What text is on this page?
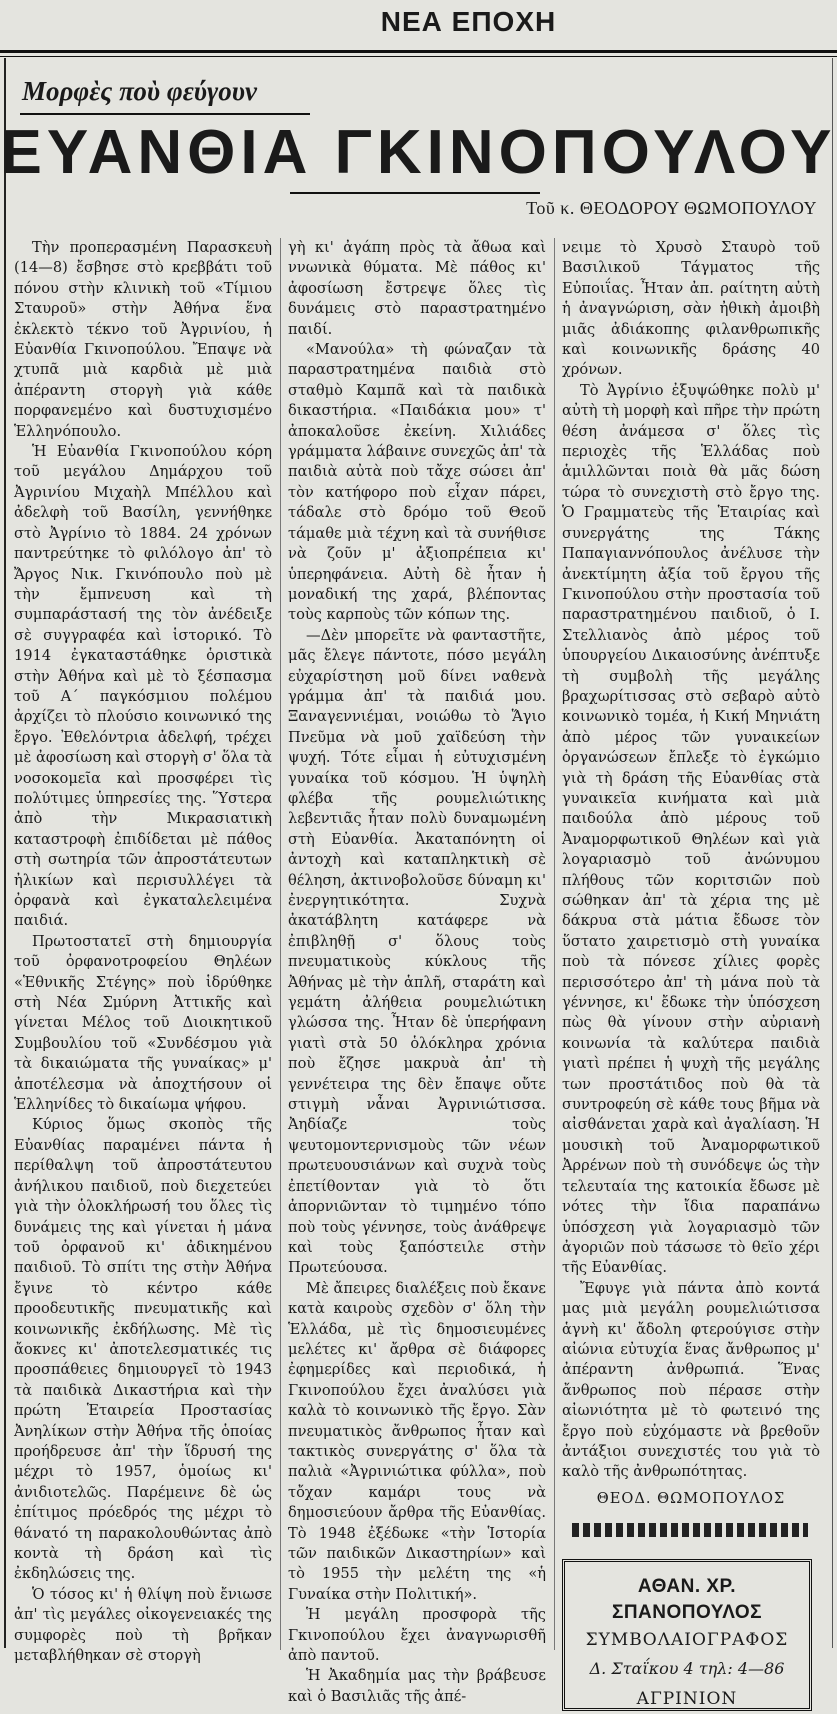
ΝΕΑ ΕΠΟΧΗ
Μορφὲς ποὺ φεύγουν
ΕΥΑΝΘΙΑ ΓΚΙΝΟΠΟΥΛΟΥ
Τοῦ κ. ΘΕΟΔΟΡΟΥ ΘΩΜΟΠΟΥΛΟΥ

Τὴν προπερασμένη Παρασκευὴ (14—8) ἔσβησε στὸ κρεββάτι τοῦ πόνου στὴν κλινικὴ τοῦ «Τίμιου Σταυροῦ» στὴν Ἀθήνα ἕνα ἐκλεκτὸ τέκνο τοῦ Ἀγρινίου, ἡ Εὐανθία Γκινοπούλου. Ἔπαψε νὰ χτυπᾶ μιὰ καρδιὰ μὲ μιὰ ἀπέραντη στοργὴ γιὰ κάθε πορφανεμένο καὶ δυστυχισμένο Ἑλληνόπουλο.

Ἡ Εὐανθία Γκινοπούλου κόρη τοῦ μεγάλου Δημάρχου τοῦ Ἀγρινίου Μιχαὴλ Μπέλλου καὶ ἀδελφὴ τοῦ Βασίλη, γεννήθηκε στὸ Ἀγρίνιο τὸ 1884. 24 χρόνων παντρεύτηκε τὸ φιλόλογο ἀπ' τὸ Ἄργος Νικ. Γκινόπουλο ποὺ μὲ τὴν ἔμπνευση καὶ τὴ συμπαράστασή της τὸν ἀνέδειξε σὲ συγγραφέα καὶ ἱστορικό. Τὸ 1914 ἐγκαταστάθηκε ὁριστικὰ στὴν Ἀθήνα καὶ μὲ τὸ ξέσπασμα τοῦ Α΄ παγκόσμιου πολέμου ἀρχίζει τὸ πλούσιο κοινωνικό της ἔργο. Ἐθελόντρια ἀδελφή, τρέχει μὲ ἀφοσίωση καὶ στοργὴ σ' ὅλα τὰ νοσοκομεῖα καὶ προσφέρει τὶς πολύτιμες ὑπηρεσίες της. Ὕστερα ἀπὸ τὴν Μικρασιατικὴ καταστροφὴ ἐπιδίδεται μὲ πάθος στὴ σωτηρία τῶν ἀπροστάτευτων ἠλικίων καὶ περισυλλέγει τὰ ὀρφανὰ καὶ ἐγκαταλελειμένα παιδιά.

Πρωτοστατεῖ στὴ δημιουργία τοῦ ὀρφανοτροφείου Θηλέων «Ἑθνικῆς Στέγης» ποὺ ἱδρύθηκε στὴ Νέα Σμύρνη Ἀττικῆς καὶ γίνεται Μέλος τοῦ Διοικητικοῦ Συμβουλίου τοῦ «Συνδέσμου γιὰ τὰ δικαιώματα τῆς γυναίκας» μ' ἀποτέλεσμα νὰ ἀποχτήσουν οἱ Ἑλληνίδες τὸ δικαίωμα ψήφου.

Κύριος ὅμως σκοπὸς τῆς Εὐανθίας παραμένει πάντα ἡ περίθαλψη τοῦ ἀπροστάτευτου ἀνήλικου παιδιοῦ, ποὺ διεχετεύει γιὰ τὴν ὁλοκλήρωσή του ὅλες τὶς δυνάμεις της καὶ γίνεται ἡ μάνα τοῦ ὀρφανοῦ κι' ἀδικημένου παιδιοῦ. Τὸ σπίτι της στὴν Ἀθήνα ἔγινε τὸ κέντρο κάθε προοδευτικῆς πνευματικῆς καὶ κοινωνικῆς ἐκδήλωσης. Μὲ τὶς ἄοκνες κι' ἀποτελεσματικές τις προσπάθειες δημιουργεῖ τὸ 1943 τὰ παιδικὰ Δικαστήρια καὶ τὴν πρώτη Ἑταιρεία Προστασίας Ἀνηλίκων στὴν Ἀθήνα τῆς ὁποίας προήδρευσε ἀπ' τὴν ἵδρυσή της μέχρι τὸ 1957, ὁμοίως κι' ἀνιδιοτελῶς. Παρέμεινε δὲ ὡς ἐπίτιμος πρόεδρός της μέχρι τὸ θάνατό τη παρακολουθώντας ἀπὸ κοντὰ τὴ δράση καὶ τὶς ἐκδηλώσεις της.

Ὁ τόσος κι' ἡ θλίψη ποὺ ἔνιωσε ἀπ' τὶς μεγάλες οἰκογενειακές της συμφορὲς ποὺ τὴ βρῆκαν μεταβλήθηκαν σὲ στοργὴ

γὴ κι' ἀγάπη πρὸς τὰ ἄθωα καὶ ννωνικὰ θύματα. Μὲ πάθος κι' ἀφοσίωση ἔστρεψε ὅλες τὶς δυνάμεις στὸ παραστρατημένο παιδί.

«Μανούλα» τὴ φώναζαν τὰ παραστρατημένα παιδιὰ στὸ σταθμὸ Καμπᾶ καὶ τὰ παιδικὰ δικαστήρια. «Παιδάκια μου» τ' ἀποκαλοῦσε ἐκείνη. Χιλιάδες γράμματα λάβαινε συνεχῶς ἀπ' τὰ παιδιὰ αὐτὰ ποὺ τἄχε σώσει ἀπ' τὸν κατήφορο ποὺ εἶχαν πάρει, τάδαλε στὸ δρόμο τοῦ Θεοῦ τάμαθε μιὰ τέχνη καὶ τὰ συνήθισε νὰ ζοῦν μ' ἀξιοπρέπεια κι' ὑπερηφάνεια. Αὐτὴ δὲ ἦταν ἡ μοναδική της χαρά, βλέποντας τοὺς καρποὺς τῶν κόπων της.

—Δὲν μπορεῖτε νὰ φανταστῆτε, μᾶς ἔλεγε πάντοτε, πόσο μεγάλη εὐχαρίστηση μοῦ δίνει ναθενὰ γράμμα ἀπ' τὰ παιδιά μου. Ξαναγεννιέμαι, νοιώθω τὸ Ἅγιο Πνεῦμα νὰ μοῦ χαϊδεύση τὴν ψυχή. Τότε εἶμαι ἡ εὐτυχισμένη γυναίκα τοῦ κόσμου. Ἡ ὑψηλὴ φλέβα τῆς ρουμελιώτικης λεβεντιᾶς ἦταν πολὺ δυναμωμένη στὴ Εὐανθία. Ἀκαταπόνητη οἱ ἀντοχὴ καὶ καταπληκτικὴ σὲ θέληση, ἀκτινοβολοῦσε δύναμη κι' ἐνεργητικότητα. Συχνὰ ἀκατάβλητη κατάφερε νὰ ἐπιβληθῇ σ' ὅλους τοὺς πνευματικοὺς κύκλους τῆς Ἀθήνας μὲ τὴν ἁπλῆ, σταράτη καὶ γεμάτη ἀλήθεια ρουμελιώτικη γλώσσα της. Ἦταν δὲ ὑπερήφανη γιατὶ στὰ 50 ὁλόκληρα χρόνια ποὺ ἔζησε μακρυὰ ἀπ' τὴ γεννέτειρα της δὲν ἔπαψε οὔτε στιγμὴ νἆναι Ἀγρινιώτισσα. Ἀηδίαζε τοὺς ψευτομοντερνισμοὺς τῶν νέων πρωτευουσιάνων καὶ συχνὰ τοὺς ἐπετίθονταν γιὰ τὸ ὅτι ἀπορνιῶνταν τὸ τιμημένο τόπο ποὺ τοὺς γέννησε, τοὺς ἀνάθρεψε καὶ τοὺς ξαπόστειλε στὴν Πρωτεύουσα.

Μὲ ἄπειρες διαλέξεις ποὺ ἔκανε κατὰ καιροὺς σχεδὸν σ' ὅλη τὴν Ἑλλάδα, μὲ τὶς δημοσιευμένες μελέτες κι' ἄρθρα σὲ διάφορες ἐφημερίδες καὶ περιοδικά, ἡ Γκινοπούλου ἔχει ἀναλύσει γιὰ καλὰ τὸ κοινωνικὸ τῆς ἔργο. Σὰν πνευματικὸς ἄνθρωπος ἦταν καὶ τακτικὸς συνεργάτης σ' ὅλα τὰ παλιὰ «Ἀγρινιώτικα φύλλα», ποὺ τὄχαν καμάρι τους νὰ δημοσιεύουν ἄρθρα τῆς Εὐανθίας. Τὸ 1948 ἐξέδωκε «τὴν Ἱστορία τῶν παιδικῶν Δικαστηρίων» καὶ τὸ 1955 τὴν μελέτη της «ἡ Γυναίκα στὴν Πολιτική».

Ἡ μεγάλη προσφορὰ τῆς Γκινοπούλου ἔχει ἀναγνωρισθῆ ἀπὸ παντοῦ.

Ἡ Ἀκαδημία μας τὴν βράβευσε καὶ ὁ Βασιλιᾶς τῆς ἀπέ-

νειμε τὸ Χρυσὸ Σταυρὸ τοῦ Βασιλικοῦ Τάγματος τῆς Εὐποιΐας. Ἦταν ἀπ. ραίτητη αὐτὴ ἡ ἀναγνώριση, σὰν ἠθικὴ ἀμοιβὴ μιᾶς ἀδιάκοπης φιλανθρωπικῆς καὶ κοινωνικῆς δράσης 40 χρόνων.

Τὸ Ἀγρίνιο ἐξυψώθηκε πολὺ μ' αὐτὴ τὴ μορφὴ καὶ πῆρε τὴν πρώτη θέση ἀνάμεσα σ' ὅλες τὶς περιοχὲς τῆς Ἑλλάδας ποὺ ἁμιλλῶνται ποιὰ θὰ μᾶς δώση τώρα τὸ συνεχιστὴ στὸ ἔργο της. Ὁ Γραμματεὺς τῆς Ἑταιρίας καὶ συνεργάτης της Τάκης Παπαγιαννόπουλος ἀνέλυσε τὴν ἀνεκτίμητη ἀξία τοῦ ἔργου τῆς Γκινοπούλου στὴν προστασία τοῦ παραστρατημένου παιδιοῦ, ὁ Ι. Στελλιανὸς ἀπὸ μέρος τοῦ ὑπουργείου Δικαιοσύνης ἀνέπτυξε τὴ συμβολὴ τῆς μεγάλης βραχωρίτισσας στὸ σεβαρὸ αὐτὸ κοινωνικὸ τομέα, ἡ Κική Μηνιάτη ἀπὸ μέρος τῶν γυναικείων ὀργανώσεων ἔπλεξε τὸ ἐγκώμιο γιὰ τὴ δράση τῆς Εὐανθίας στὰ γυναικεῖα κινήματα καὶ μιὰ παιδούλα ἀπὸ μέρους τοῦ Ἀναμορφωτικοῦ Θηλέων καὶ γιὰ λογαριασμὸ τοῦ ἀνώνυμου πλήθους τῶν κοριτσιῶν ποὺ σώθηκαν ἀπ' τὰ χέρια της μὲ δάκρυα στὰ μάτια ἔδωσε τὸν ὕστατο χαιρετισμὸ στὴ γυναίκα ποὺ τὰ πόνεσε χίλιες φορὲς περισσότερο ἀπ' τὴ μάνα ποὺ τὰ γέννησε, κι' ἔδωκε τὴν ὑπόσχεση πὼς θὰ γίνουν στὴν αὐριανὴ κοινωνία τὰ καλύτερα παιδιὰ γιατὶ πρέπει ἡ ψυχὴ τῆς μεγάλης των προστάτιδος ποὺ θὰ τὰ συντροφεύη σὲ κάθε τους βῆμα νὰ αἰσθάνεται χαρὰ καὶ ἀγαλίαση. Ἡ μουσικὴ τοῦ Ἀναμορφωτικοῦ Ἀρρένων ποὺ τὴ συνόδεψε ὡς τὴν τελευταία της κατοικία ἔδωσε μὲ νότες τὴν ἴδια παραπάνω ὑπόσχεση γιὰ λογαριασμὸ τῶν ἀγοριῶν ποὺ τάσωσε τὸ θεϊο χέρι τῆς Εὐανθίας.

Ἔφυγε γιὰ πάντα ἀπὸ κοντά μας μιὰ μεγάλη ρουμελιώτισσα ἁγνὴ κι' ἄδολη φτερούγισε στὴν αἰώνια εὐτυχία ἕνας ἄνθρωπος μ' ἀπέραντη ἀνθρωπιά. Ἕνας ἄνθρωπος ποὺ πέρασε στὴν αἰωνιότητα μὲ τὸ φωτεινό της ἔργο ποὺ εὐχόμαστε νὰ βρεθοῦν ἀντάξιοι συνεχιστές του γιὰ τὸ καλὸ τῆς ἀνθρωπότητας.

ΘΕΟΔ. ΘΩΜΟΠΟΥΛΟΣ

ΑΘΑΝ. ΧΡ. ΣΠΑΝΟΠΟΥΛΟΣ
ΣΥΜΒΟΛΑΙΟΓΡΑΦΟΣ
Δ. Σταΐκου 4 τηλ: 4—86
ΑΓΡΙΝΙΟΝ
